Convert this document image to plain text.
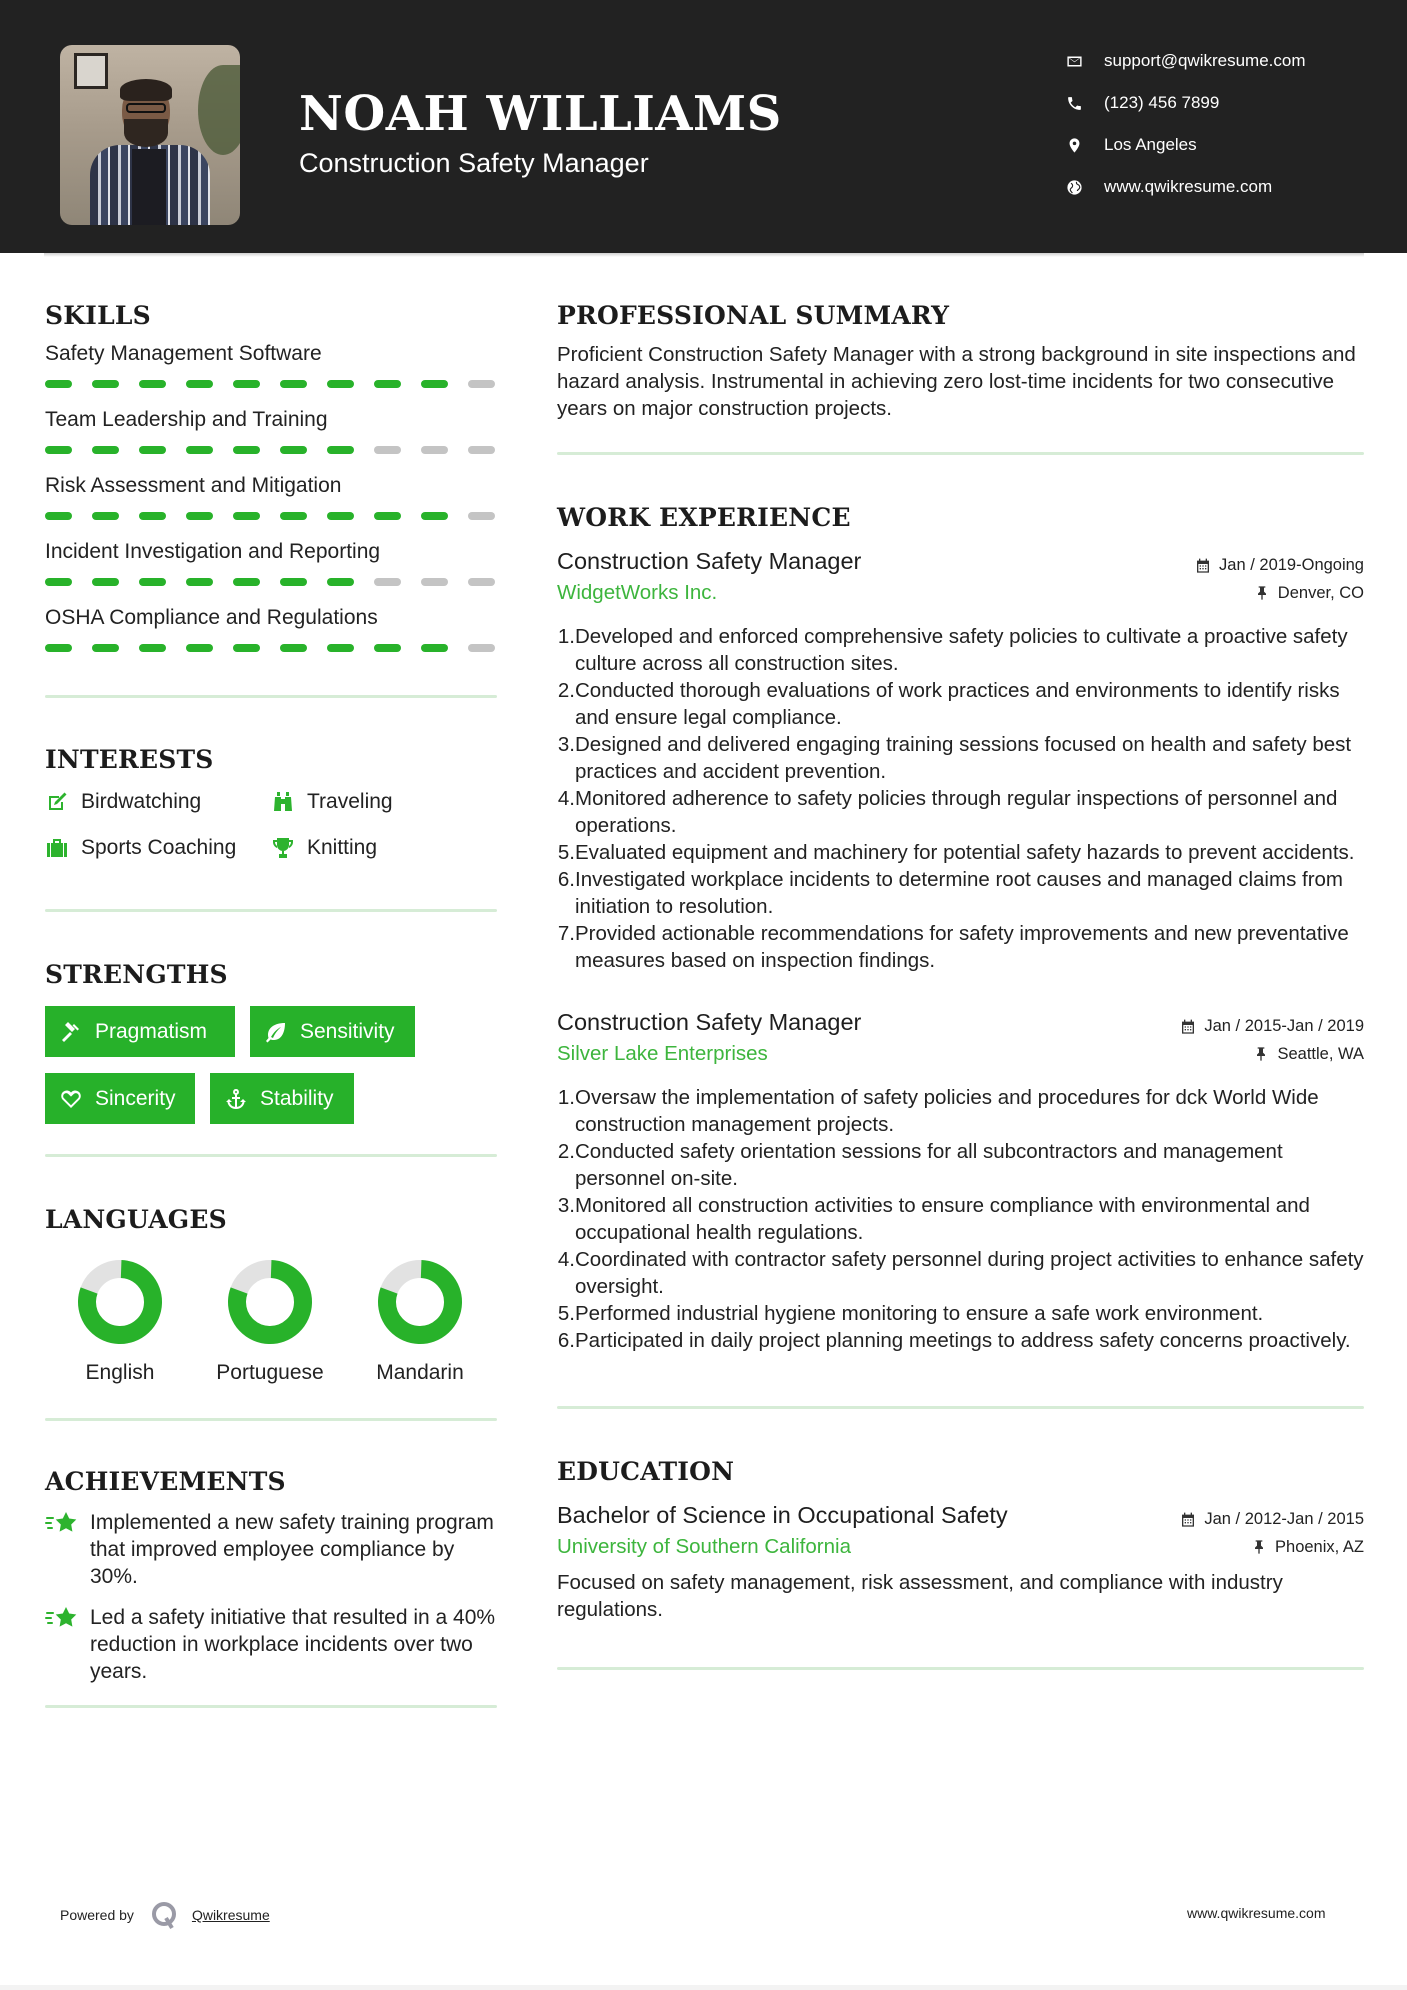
NOAH WILLIAMS
Construction Safety Manager
support@qwikresume.com
(123) 456 7899
Los Angeles
www.qwikresume.com
SKILLS
Safety Management Software
Team Leadership and Training
Risk Assessment and Mitigation
Incident Investigation and Reporting
OSHA Compliance and Regulations
INTERESTS
Birdwatching	Traveling
Sports Coaching	Knitting
STRENGTHS
Pragmatism	Sensitivity
Sincerity	Stability
LANGUAGES
English	Portuguese	Mandarin
ACHIEVEMENTS
Implemented a new safety training program that improved employee compliance by 30%.
Led a safety initiative that resulted in a 40% reduction in workplace incidents over two years.
PROFESSIONAL SUMMARY
Proficient Construction Safety Manager with a strong background in site inspections and hazard analysis. Instrumental in achieving zero lost-time incidents for two consecutive years on major construction projects.
WORK EXPERIENCE
Construction Safety Manager	Jan / 2019-Ongoing
WidgetWorks Inc.	Denver, CO
1. Developed and enforced comprehensive safety policies to cultivate a proactive safety culture across all construction sites.
2. Conducted thorough evaluations of work practices and environments to identify risks and ensure legal compliance.
3. Designed and delivered engaging training sessions focused on health and safety best practices and accident prevention.
4. Monitored adherence to safety policies through regular inspections of personnel and operations.
5. Evaluated equipment and machinery for potential safety hazards to prevent accidents.
6. Investigated workplace incidents to determine root causes and managed claims from initiation to resolution.
7. Provided actionable recommendations for safety improvements and new preventative measures based on inspection findings.
Construction Safety Manager	Jan / 2015-Jan / 2019
Silver Lake Enterprises	Seattle, WA
1. Oversaw the implementation of safety policies and procedures for dck World Wide construction management projects.
2. Conducted safety orientation sessions for all subcontractors and management personnel on-site.
3. Monitored all construction activities to ensure compliance with environmental and occupational health regulations.
4. Coordinated with contractor safety personnel during project activities to enhance safety oversight.
5. Performed industrial hygiene monitoring to ensure a safe work environment.
6. Participated in daily project planning meetings to address safety concerns proactively.
EDUCATION
Bachelor of Science in Occupational Safety	Jan / 2012-Jan / 2015
University of Southern California	Phoenix, AZ
Focused on safety management, risk assessment, and compliance with industry regulations.
Powered by	Qwikresume	www.qwikresume.com
